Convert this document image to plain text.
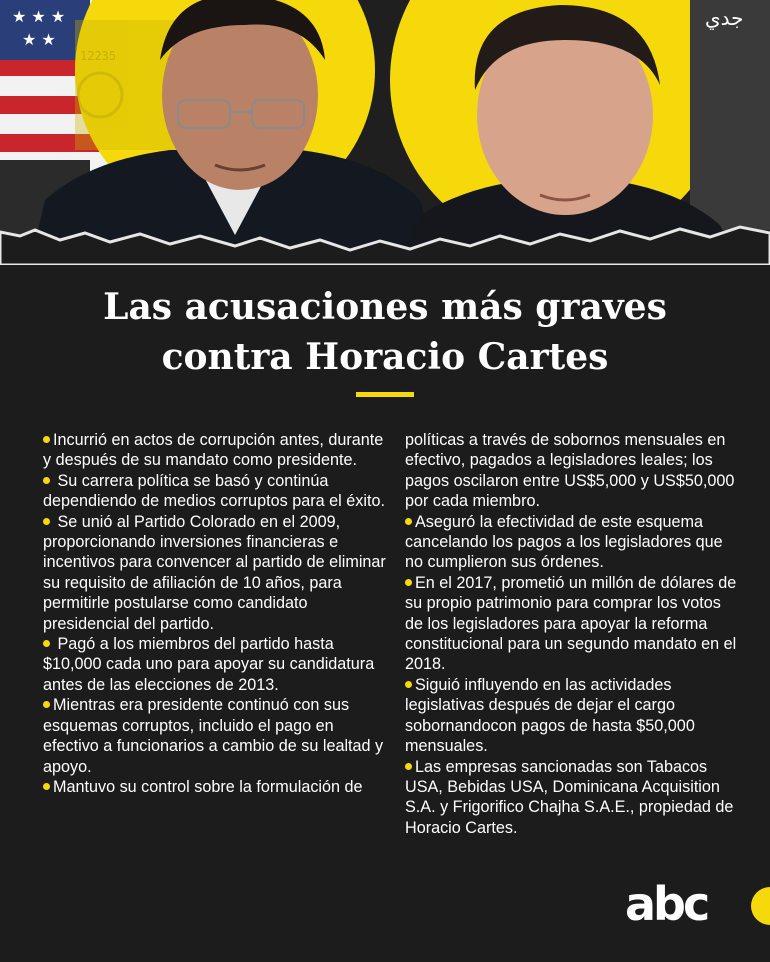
★ ★ ★
★ ★
12235
جدي
Las acusaciones más graves
contra Horacio Cartes

Incurrió en actos de corrupción antes, durante y después de su mandato como presidente.

Su carrera política se basó y continúa dependiendo de medios corruptos para el éxito.

Se unió al Partido Colorado en el 2009, proporcionando inversiones financieras e incentivos para convencer al partido de eliminar su requisito de afiliación de 10 años, para permitirle postularse como candidato presidencial del partido.

Pagó a los miembros del partido hasta $10,000 cada uno para apoyar su candidatura antes de las elecciones de 2013.

Mientras era presidente continuó con sus esquemas corruptos, incluido el pago en efectivo a funcionarios a cambio de su lealtad y apoyo.

Mantuvo su control sobre la formulación de

políticas a través de sobornos mensuales en efectivo, pagados a legisladores leales; los pagos oscilaron entre US$5,000 y US$50,000 por cada miembro.

Aseguró la efectividad de este esquema cancelando los pagos a los legisladores que no cumplieron sus órdenes.

En el 2017, prometió un millón de dólares de su propio patrimonio para comprar los votos de los legisladores para apoyar la reforma constitucional para un segundo mandato en el 2018.

Siguió influyendo en las actividades legislativas después de dejar el cargo sobornandocon pagos de hasta $50,000 mensuales.

Las empresas sancionadas son Tabacos USA, Bebidas USA, Dominicana Acquisition S.A. y Frigorifico Chajha S.A.E., propiedad de Horacio Cartes.

abc
